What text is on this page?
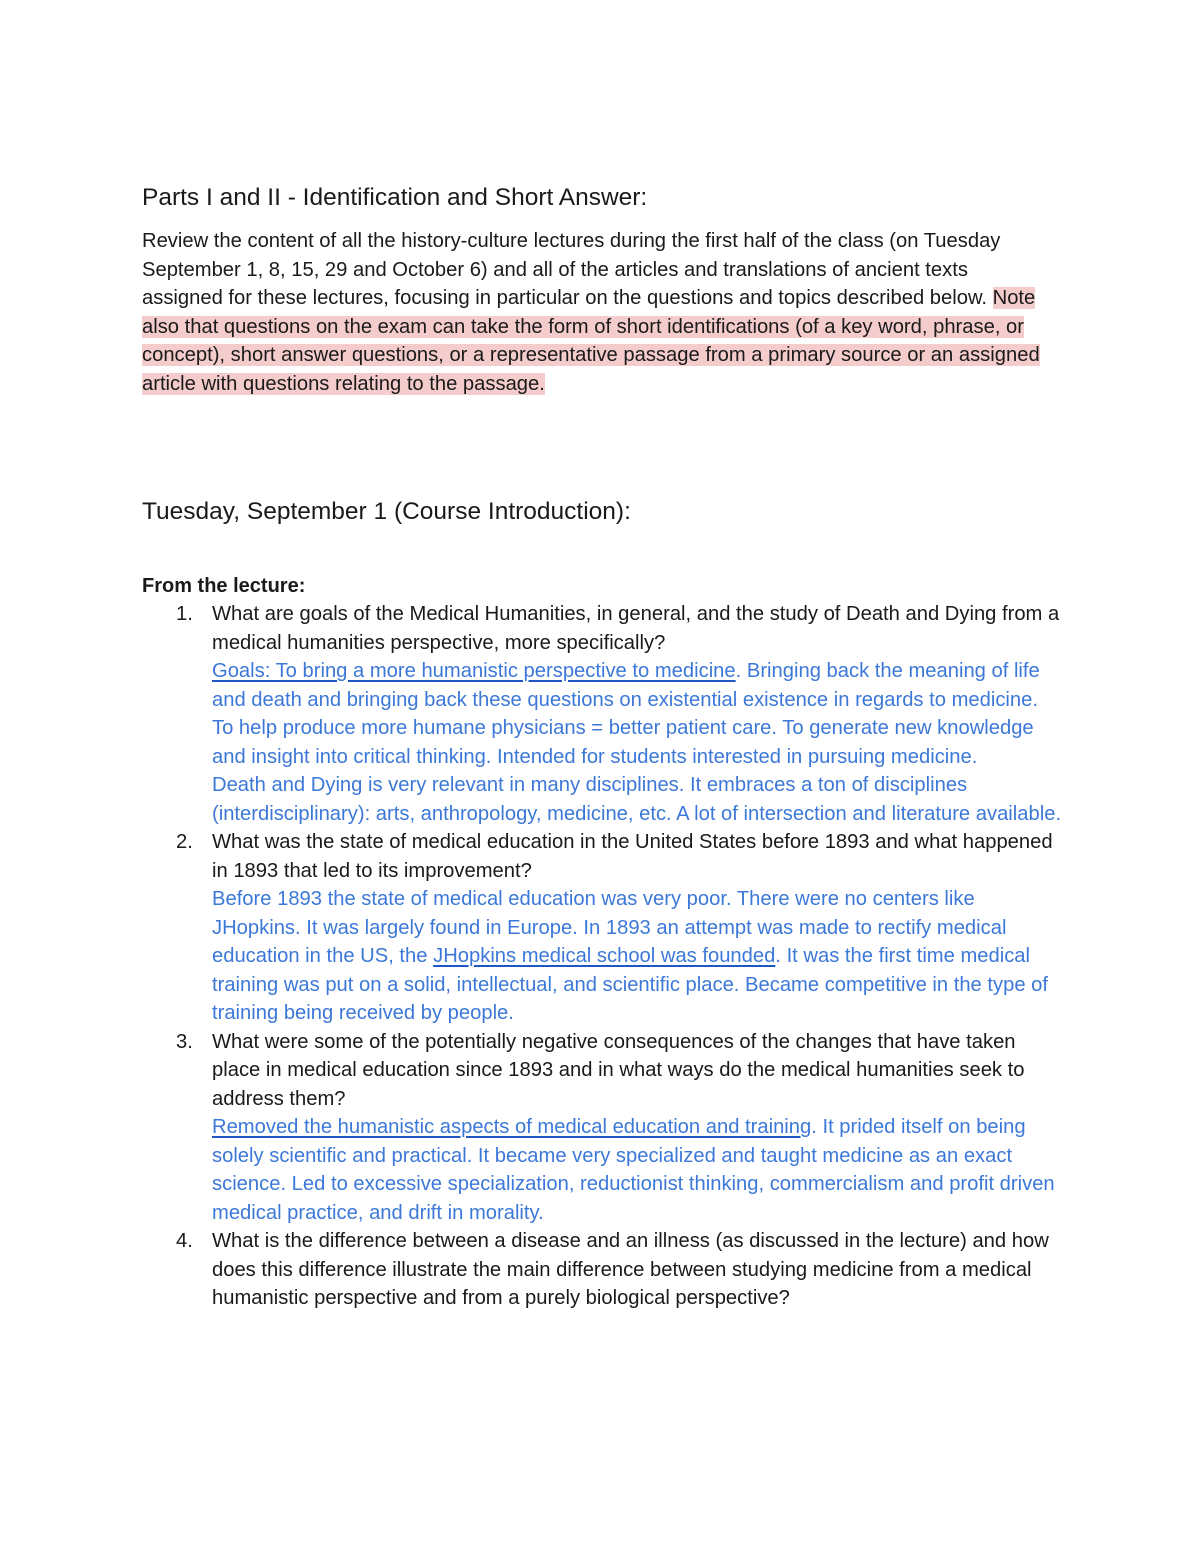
Parts I and II - Identification and Short Answer:

Review the content of all the history-culture lectures during the first half of the class (on Tuesday September 1, 8, 15, 29 and October 6) and all of the articles and translations of ancient texts assigned for these lectures, focusing in particular on the questions and topics described below. Note also that questions on the exam can take the form of short identifications (of a key word, phrase, or concept), short answer questions, or a representative passage from a primary source or an assigned article with questions relating to the passage.

Tuesday, September 1 (Course Introduction):

From the lecture:

1. What are goals of the Medical Humanities, in general, and the study of Death and Dying from a medical humanities perspective, more specifically?
Goals: To bring a more humanistic perspective to medicine. Bringing back the meaning of life and death and bringing back these questions on existential existence in regards to medicine. To help produce more humane physicians = better patient care. To generate new knowledge and insight into critical thinking. Intended for students interested in pursuing medicine.
Death and Dying is very relevant in many disciplines. It embraces a ton of disciplines (interdisciplinary): arts, anthropology, medicine, etc. A lot of intersection and literature available.
2. What was the state of medical education in the United States before 1893 and what happened in 1893 that led to its improvement?
Before 1893 the state of medical education was very poor. There were no centers like JHopkins. It was largely found in Europe. In 1893 an attempt was made to rectify medical education in the US, the JHopkins medical school was founded. It was the first time medical training was put on a solid, intellectual, and scientific place. Became competitive in the type of training being received by people.
3. What were some of the potentially negative consequences of the changes that have taken place in medical education since 1893 and in what ways do the medical humanities seek to address them?
Removed the humanistic aspects of medical education and training. It prided itself on being solely scientific and practical. It became very specialized and taught medicine as an exact science. Led to excessive specialization, reductionist thinking, commercialism and profit driven medical practice, and drift in morality.
4. What is the difference between a disease and an illness (as discussed in the lecture) and how does this difference illustrate the main difference between studying medicine from a medical humanistic perspective and from a purely biological perspective?
